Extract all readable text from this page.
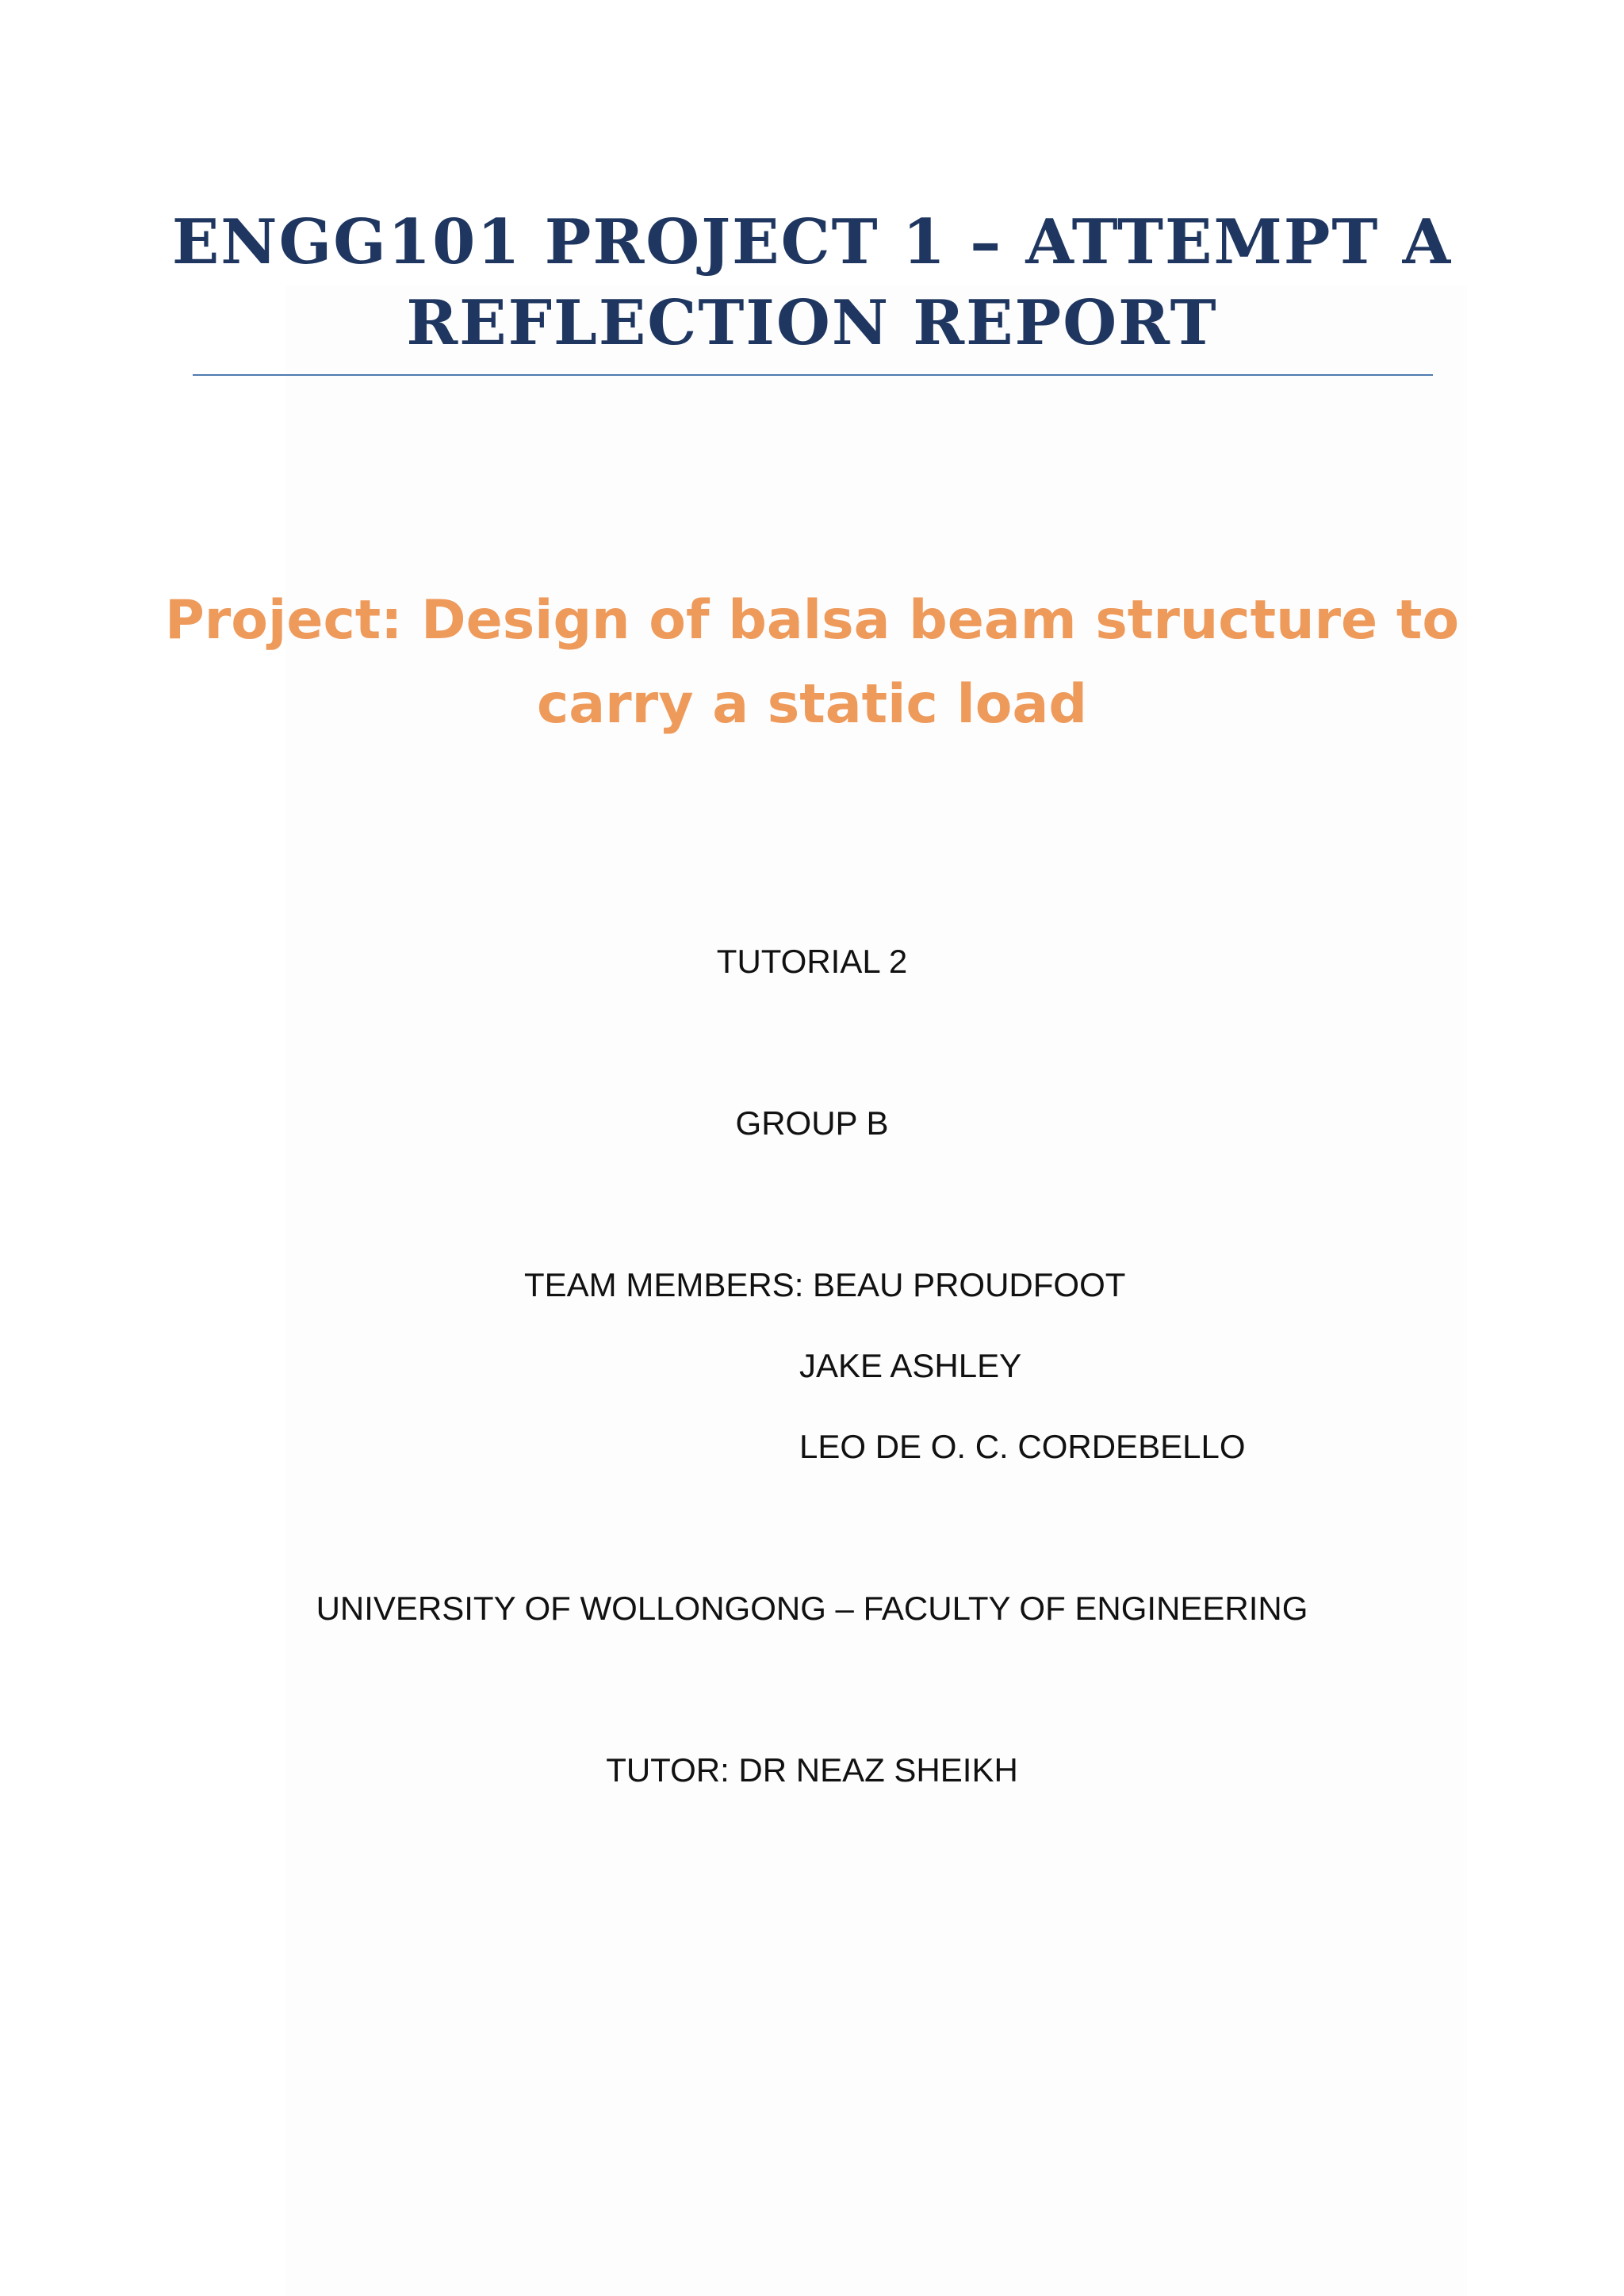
ENGG101 PROJECT 1 – ATTEMPT A
REFLECTION REPORT
Project: Design of balsa beam structure to
carry a static load
TUTORIAL 2
GROUP B
TEAM MEMBERS: BEAU PROUDFOOT
JAKE ASHLEY
LEO DE O. C. CORDEBELLO
UNIVERSITY OF WOLLONGONG – FACULTY OF ENGINEERING
TUTOR: DR NEAZ SHEIKH
